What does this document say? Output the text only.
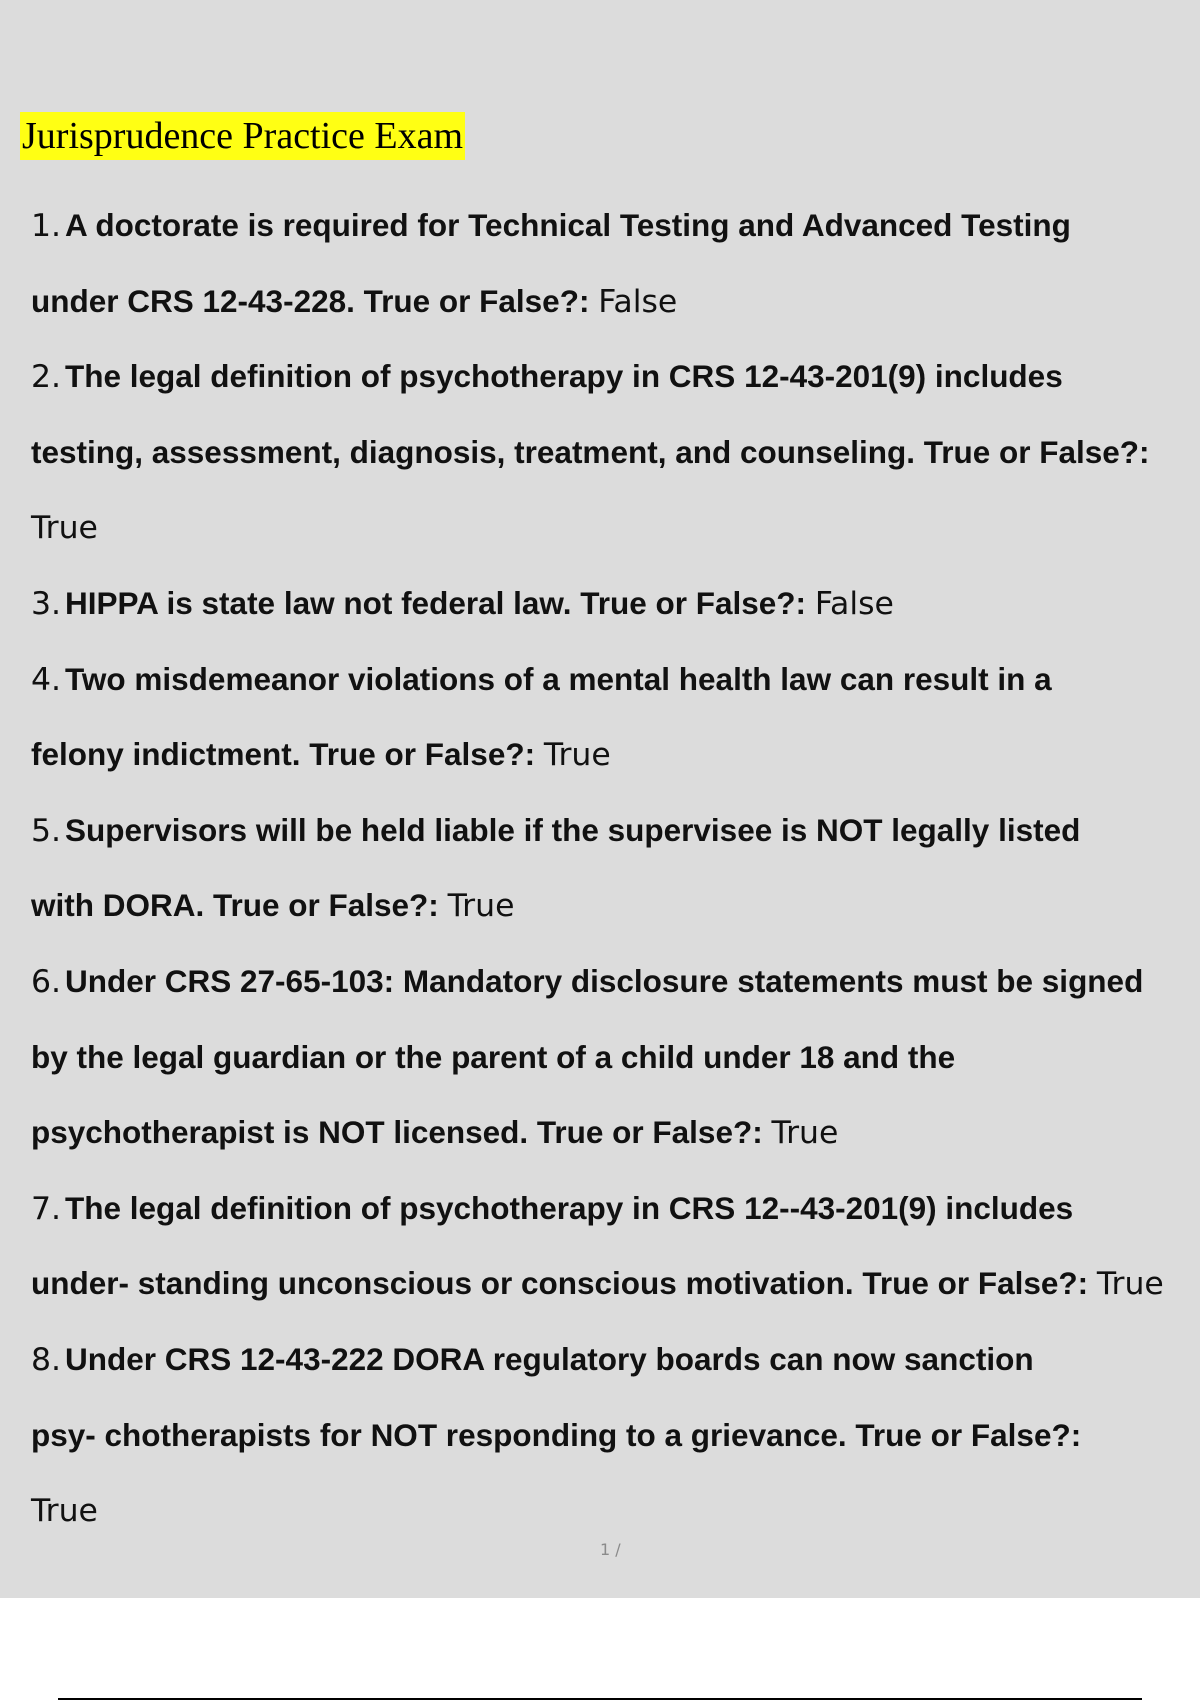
Jurisprudence Practice Exam
1. A doctorate is required for Technical Testing and Advanced Testing
under CRS 12-43-228. True or False?: False
2. The legal definition of psychotherapy in CRS 12-43-201(9) includes
testing, assessment, diagnosis, treatment, and counseling. True or False?:
True
3. HIPPA is state law not federal law. True or False?: False
4. Two misdemeanor violations of a mental health law can result in a
felony indictment. True or False?: True
5. Supervisors will be held liable if the supervisee is NOT legally listed
with DORA. True or False?: True
6. Under CRS 27-65-103: Mandatory disclosure statements must be signed
by the legal guardian or the parent of a child under 18 and the
psychotherapist is NOT licensed. True or False?: True
7. The legal definition of psychotherapy in CRS 12--43-201(9) includes
under- standing unconscious or conscious motivation. True or False?: True
8. Under CRS 12-43-222 DORA regulatory boards can now sanction
psy- chotherapists for NOT responding to a grievance. True or False?:
True
1 /
